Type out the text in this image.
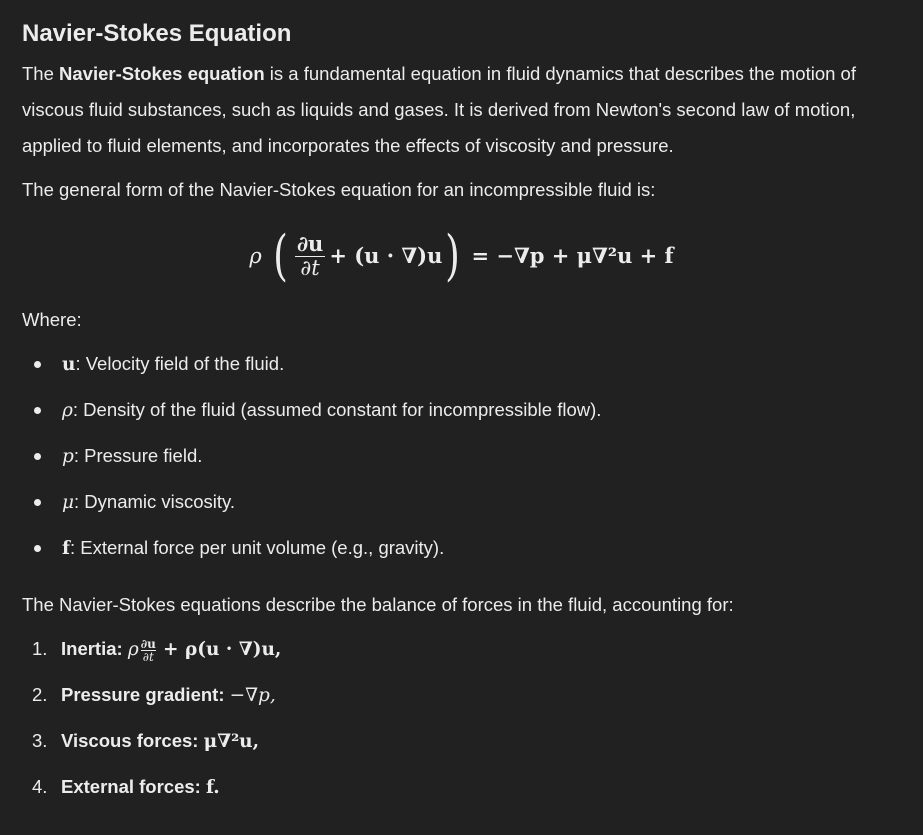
Navier-Stokes Equation

The Navier-Stokes equation is a fundamental equation in fluid dynamics that describes the motion of viscous fluid substances, such as liquids and gases. It is derived from Newton's second law of motion, applied to fluid elements, and incorporates the effects of viscosity and pressure.

The general form of the Navier-Stokes equation for an incompressible fluid is:

ρ ( $\frac{\partial u}{\partial t} + (u \cdot \nabla)u$ ) = −∇p + μ∇²u + f

Where:

u: Velocity field of the fluid.
ρ: Density of the fluid (assumed constant for incompressible flow).
p: Pressure field.
μ: Dynamic viscosity.
f: External force per unit volume (e.g., gravity).

The Navier-Stokes equations describe the balance of forces in the fluid, accounting for:

1. Inertia: ρ $\frac{\partial u}{\partial t} + \rho(u \cdot \nabla)u$,
2. Pressure gradient: −∇p,
3. Viscous forces: μ∇²u,
4. External forces: f.
